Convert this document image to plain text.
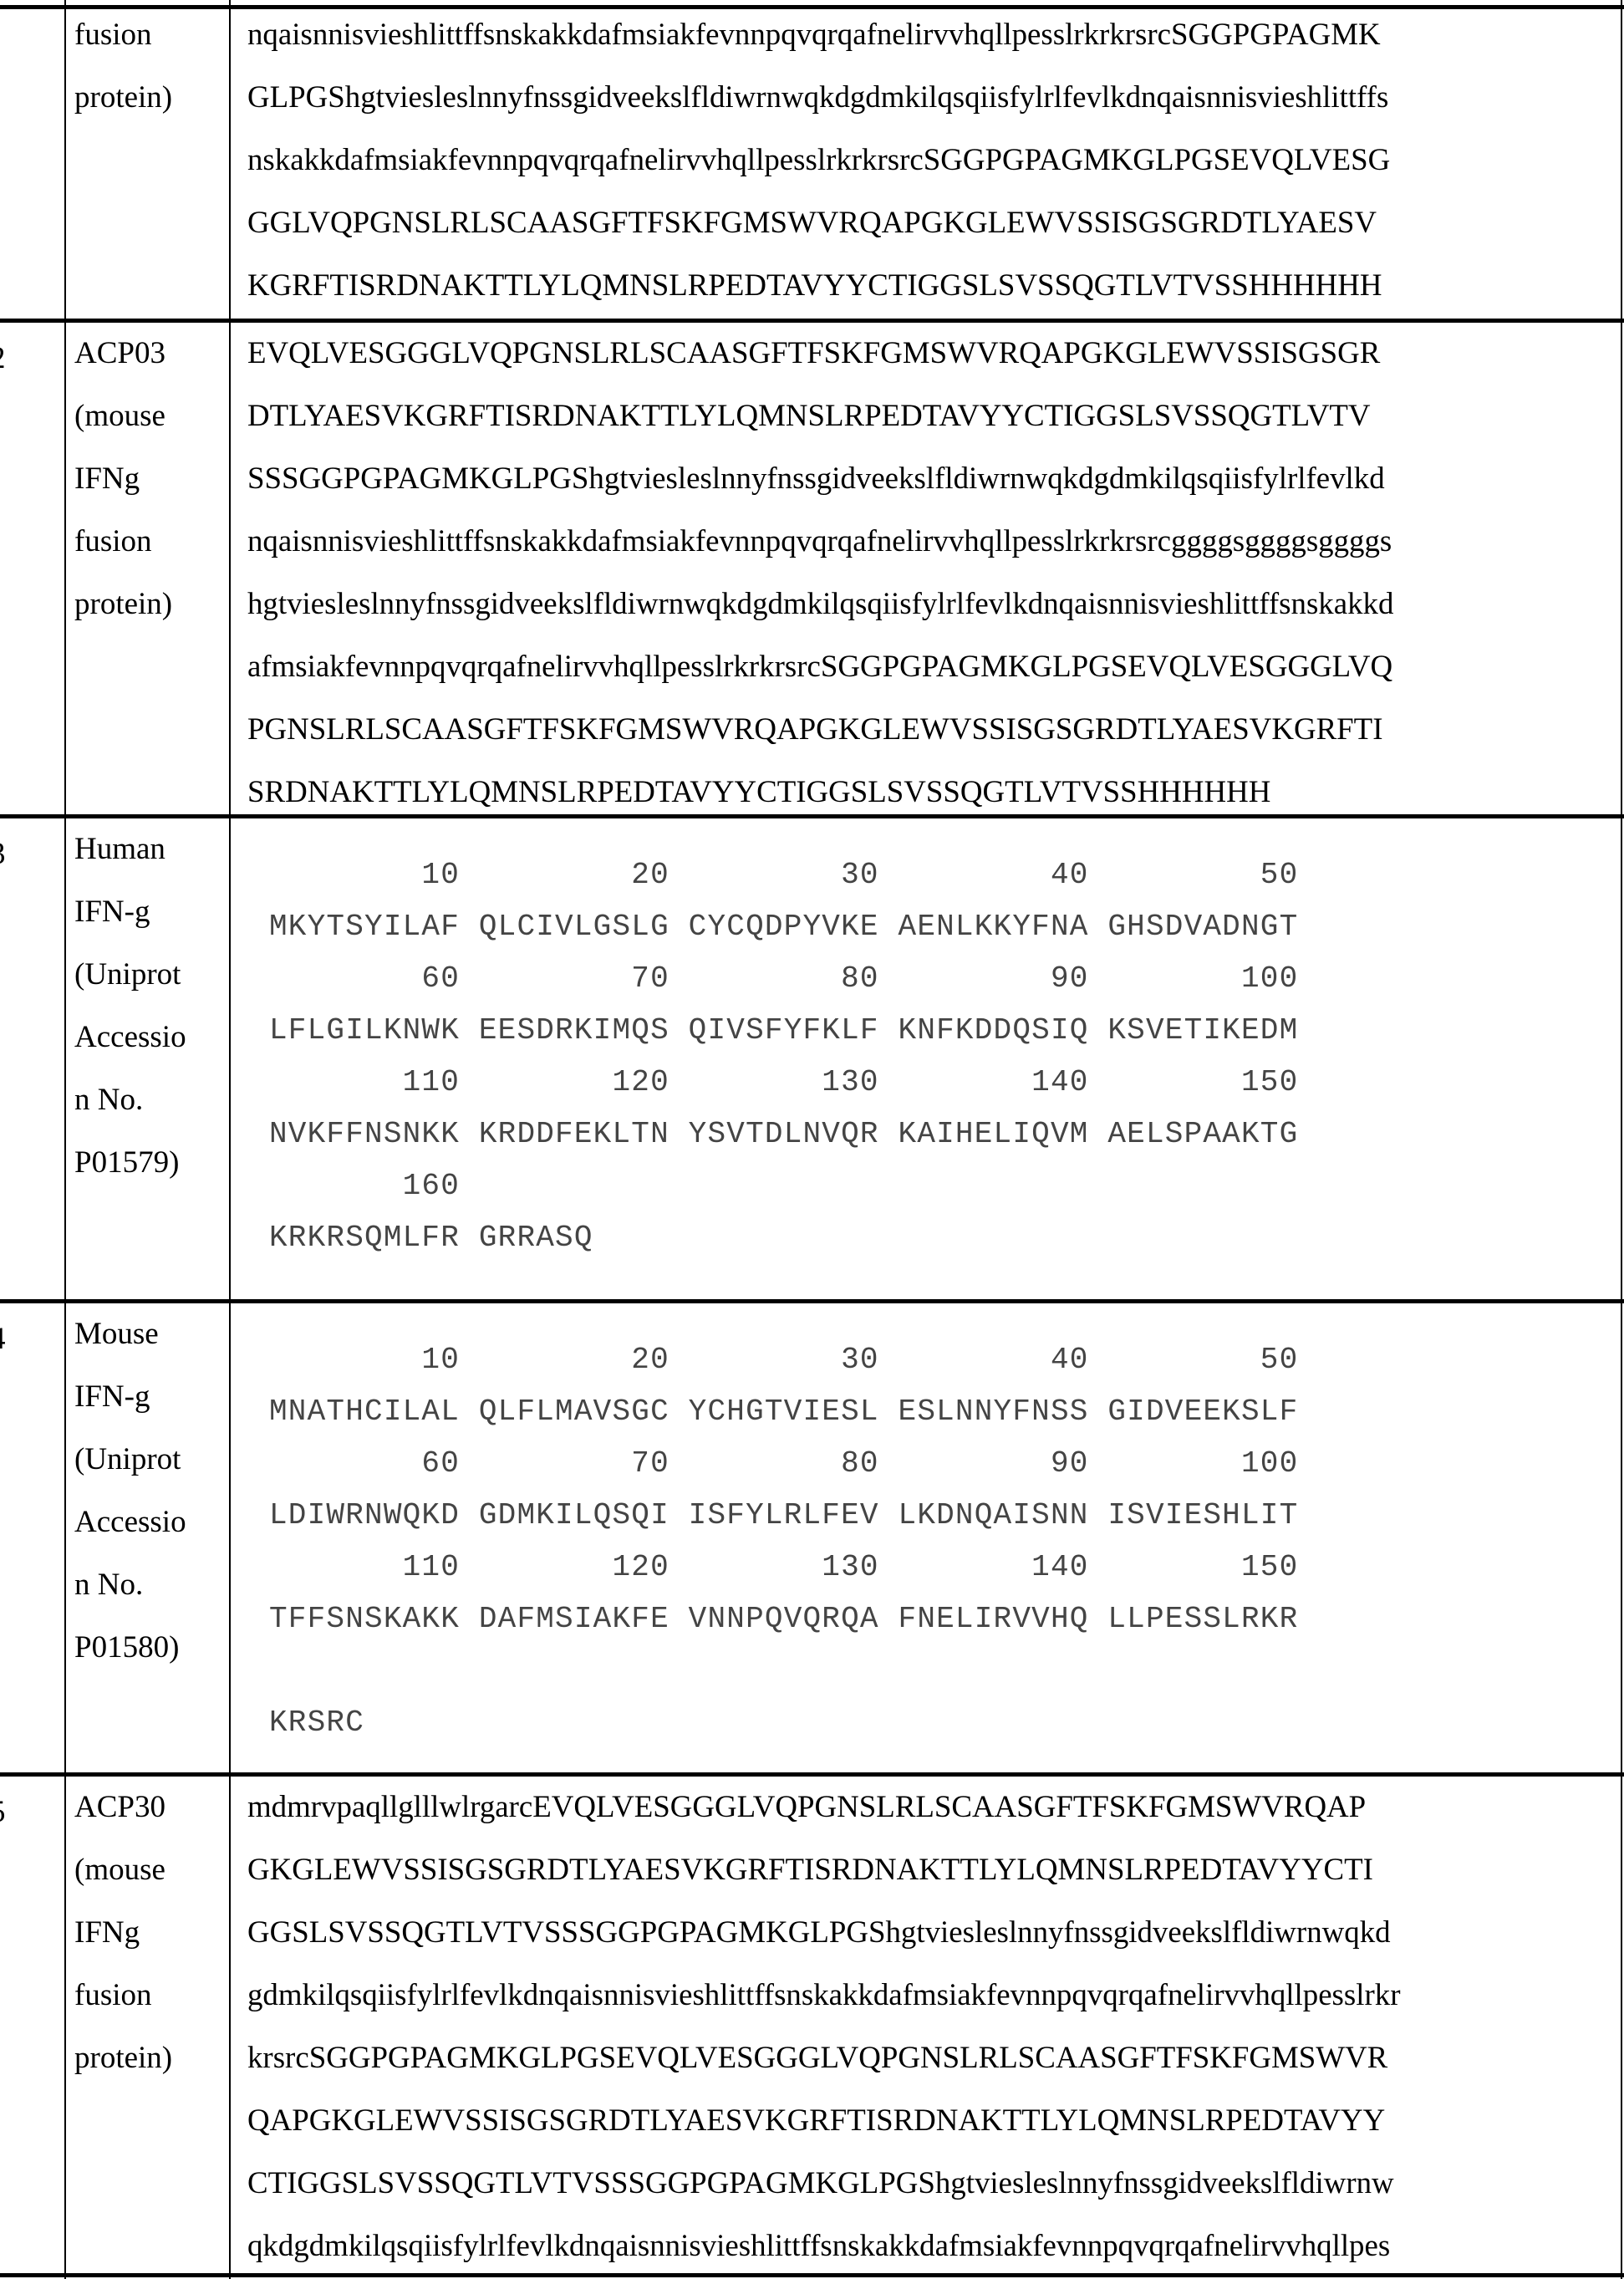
fusion
protein)
nqaisnnisvieshlittffsnskakkdafmsiakfevnnpqvqrqafnelirvvhqllpesslrkrkrsrcSGGPGPAGMK
GLPGShgtviesleslnnyfnssgidveekslfldiwrnwqkdgdmkilqsqiisfylrlfevlkdnqaisnnisvieshlittffs
nskakkdafmsiakfevnnpqvqrqafnelirvvhqllpesslrkrkrsrcSGGPGPAGMKGLPGSEVQLVESG
GGLVQPGNSLRLSCAASGFTFSKFGMSWVRQAPGKGLEWVSSISGSGRDTLYAESV
KGRFTISRDNAKTTLYLQMNSLRPEDTAVYYCTIGGSLSVSSQGTLVTVSSHHHHHH
ACP03
(mouse
IFNg
fusion
protein)
EVQLVESGGGLVQPGNSLRLSCAASGFTFSKFGMSWVRQAPGKGLEWVSSISGSGR
DTLYAESVKGRFTISRDNAKTTLYLQMNSLRPEDTAVYYCTIGGSLSVSSQGTLVTV
SSSGGPGPAGMKGLPGShgtviesleslnnyfnssgidveekslfldiwrnwqkdgdmkilqsqiisfylrlfevlkd
nqaisnnisvieshlittffsnskakkdafmsiakfevnnpqvqrqafnelirvvhqllpesslrkrkrsrcggggsggggsggggs
hgtviesleslnnyfnssgidveekslfldiwrnwqkdgdmkilqsqiisfylrlfevlkdnqaisnnisvieshlittffsnskakkd
afmsiakfevnnpqvqrqafnelirvvhqllpesslrkrkrsrcSGGPGPAGMKGLPGSEVQLVESGGGLVQ
PGNSLRLSCAASGFTFSKFGMSWVRQAPGKGLEWVSSISGSGRDTLYAESVKGRFTI
SRDNAKTTLYLQMNSLRPEDTAVYYCTIGGSLSVSSQGTLVTVSSHHHHHH
Human
IFN-g
(Uniprot
Accessio
n No.
P01579)
10         20         30         40         50
MKYTSYILAF QLCIVLGSLG CYCQDPYVKE AENLKKYFNA GHSDVADNGT
60         70         80         90        100
LFLGILKNWK EESDRKIMQS QIVSFYFKLF KNFKDDQSIQ KSVETIKEDM
110        120        130        140        150
NVKFFNSNKK KRDDFEKLTN YSVTDLNVQR KAIHELIQVM AELSPAAKTG
160
KRKRSQMLFR GRRASQ
Mouse
IFN-g
(Uniprot
Accessio
n No.
P01580)
10         20         30         40         50
MNATHCILAL QLFLMAVSGC YCHGTVIESL ESLNNYFNSS GIDVEEKSLF
60         70         80         90        100
LDIWRNWQKD GDMKILQSQI ISFYLRLFEV LKDNQAISNN ISVIESHLIT
110        120        130        140        150
TFFSNSKAKK DAFMSIAKFE VNNPQVQRQA FNELIRVVHQ LLPESSLRKR
KRSRC
ACP30
(mouse
IFNg
fusion
protein)
mdmrvpaqllglllwlrgarcEVQLVESGGGLVQPGNSLRLSCAASGFTFSKFGMSWVRQAP
GKGLEWVSSISGSGRDTLYAESVKGRFTISRDNAKTTLYLQMNSLRPEDTAVYYCTI
GGSLSVSSQGTLVTVSSSGGPGPAGMKGLPGShgtviesleslnnyfnssgidveekslfldiwrnwqkd
gdmkilqsqiisfylrlfevlkdnqaisnnisvieshlittffsnskakkdafmsiakfevnnpqvqrqafnelirvvhqllpesslrkr
krsrcSGGPGPAGMKGLPGSEVQLVESGGGLVQPGNSLRLSCAASGFTFSKFGMSWVR
QAPGKGLEWVSSISGSGRDTLYAESVKGRFTISRDNAKTTLYLQMNSLRPEDTAVYY
CTIGGSLSVSSQGTLVTVSSSGGPGPAGMKGLPGShgtviesleslnnyfnssgidveekslfldiwrnw
qkdgdmkilqsqiisfylrlfevlkdnqaisnnisvieshlittffsnskakkdafmsiakfevnnpqvqrqafnelirvvhqllpes
